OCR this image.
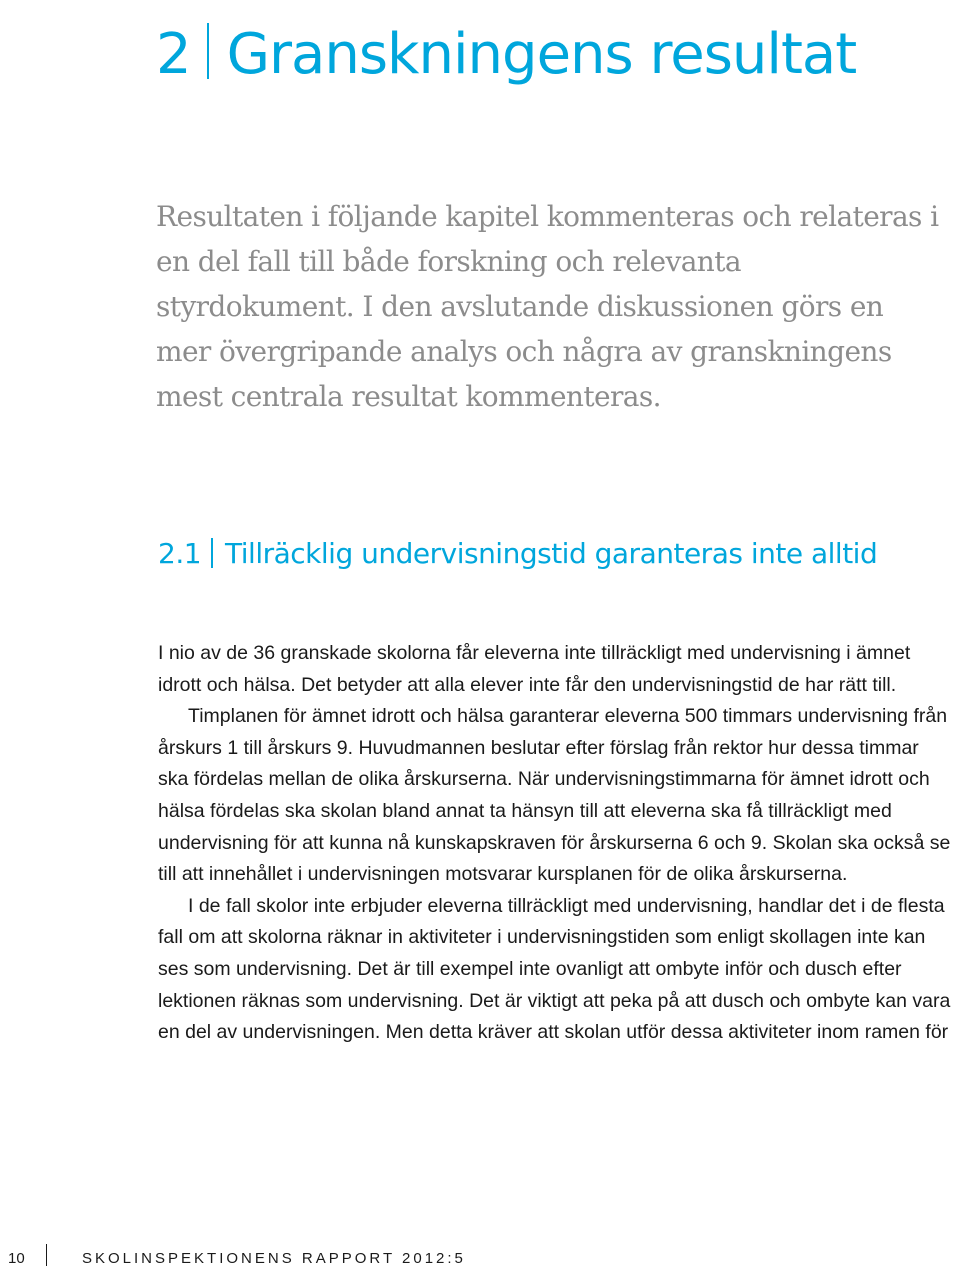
2 Granskningens resultat

Resultaten i följande kapitel kommenteras och relateras i en del fall till både forskning och relevanta styrdokument. I den avslutande diskussionen görs en mer övergripande analys och några av granskningens mest centrala resultat kommenteras.

2.1 Tillräcklig undervisningstid garanteras inte alltid

I nio av de 36 granskade skolorna får eleverna inte tillräckligt med undervisning i ämnet idrott och hälsa. Det betyder att alla elever inte får den undervisningstid de har rätt till.

Timplanen för ämnet idrott och hälsa garanterar eleverna 500 timmars undervisning från årskurs 1 till årskurs 9. Huvudmannen beslutar efter förslag från rektor hur dessa timmar ska fördelas mellan de olika årskurserna. När undervisningstimmarna för ämnet idrott och hälsa fördelas ska skolan bland annat ta hänsyn till att eleverna ska få tillräckligt med undervisning för att kunna nå kunskapskraven för årskurserna 6 och 9. Skolan ska också se till att innehållet i undervisningen motsvarar kursplanen för de olika årskurserna.

I de fall skolor inte erbjuder eleverna tillräckligt med undervisning, handlar det i de flesta fall om att skolorna räknar in aktiviteter i undervisningstiden som enligt skollagen inte kan ses som undervisning. Det är till exempel inte ovanligt att ombyte inför och dusch efter lektionen räknas som undervisning. Det är viktigt att peka på att dusch och ombyte kan vara en del av undervisningen. Men detta kräver att skolan utför dessa aktiviteter inom ramen för

10	SKOLINSPEKTIONENS RAPPORT 2012:5
